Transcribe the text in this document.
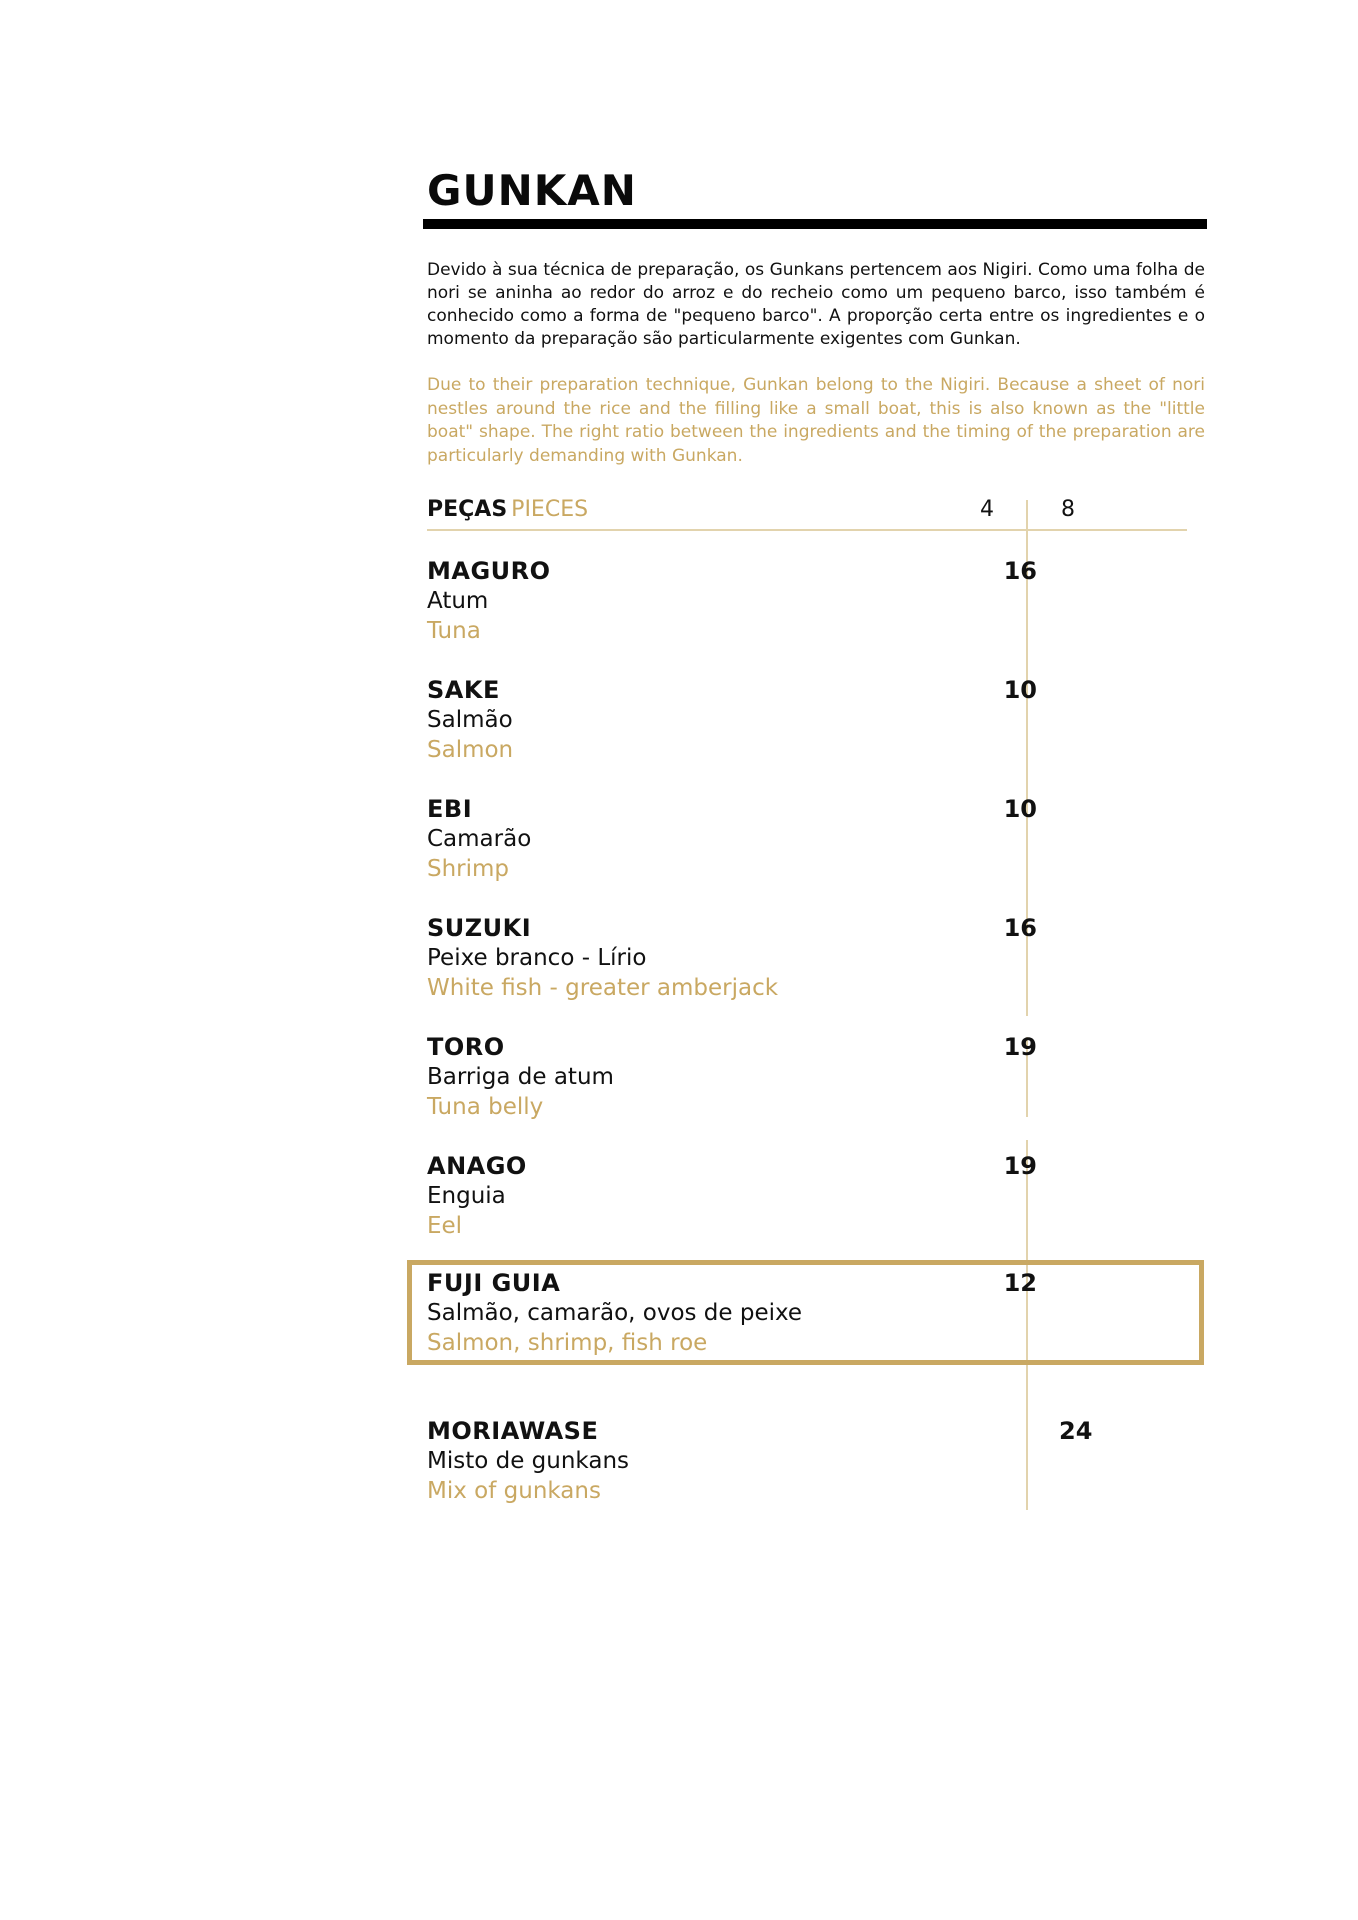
GUNKAN

Devido à sua técnica de preparação, os Gunkans pertencem aos Nigiri. Como uma folha de nori se aninha ao redor do arroz e do recheio como um pequeno barco, isso também é conhecido como a forma de "pequeno barco". A proporção certa entre os ingredientes e o momento da preparação são particularmente exigentes com Gunkan.

Due to their preparation technique, Gunkan belong to the Nigiri. Because a sheet of nori nestles around the rice and the filling like a small boat, this is also known as the "little boat" shape. The right ratio between the ingredients and the timing of the preparation are particularly demanding with Gunkan.

PEÇAS PIECES	4	8
MAGURO
Atum
Tuna
16
SAKE
Salmão
Salmon
10
EBI
Camarão
Shrimp
10
SUZUKI
Peixe branco - Lírio
White fish - greater amberjack
16
TORO
Barriga de atum
Tuna belly
19
ANAGO
Enguia
Eel
19
FUJI GUIA
Salmão, camarão, ovos de peixe
Salmon, shrimp, fish roe
12
MORIAWASE
Misto de gunkans
Mix of gunkans
24
